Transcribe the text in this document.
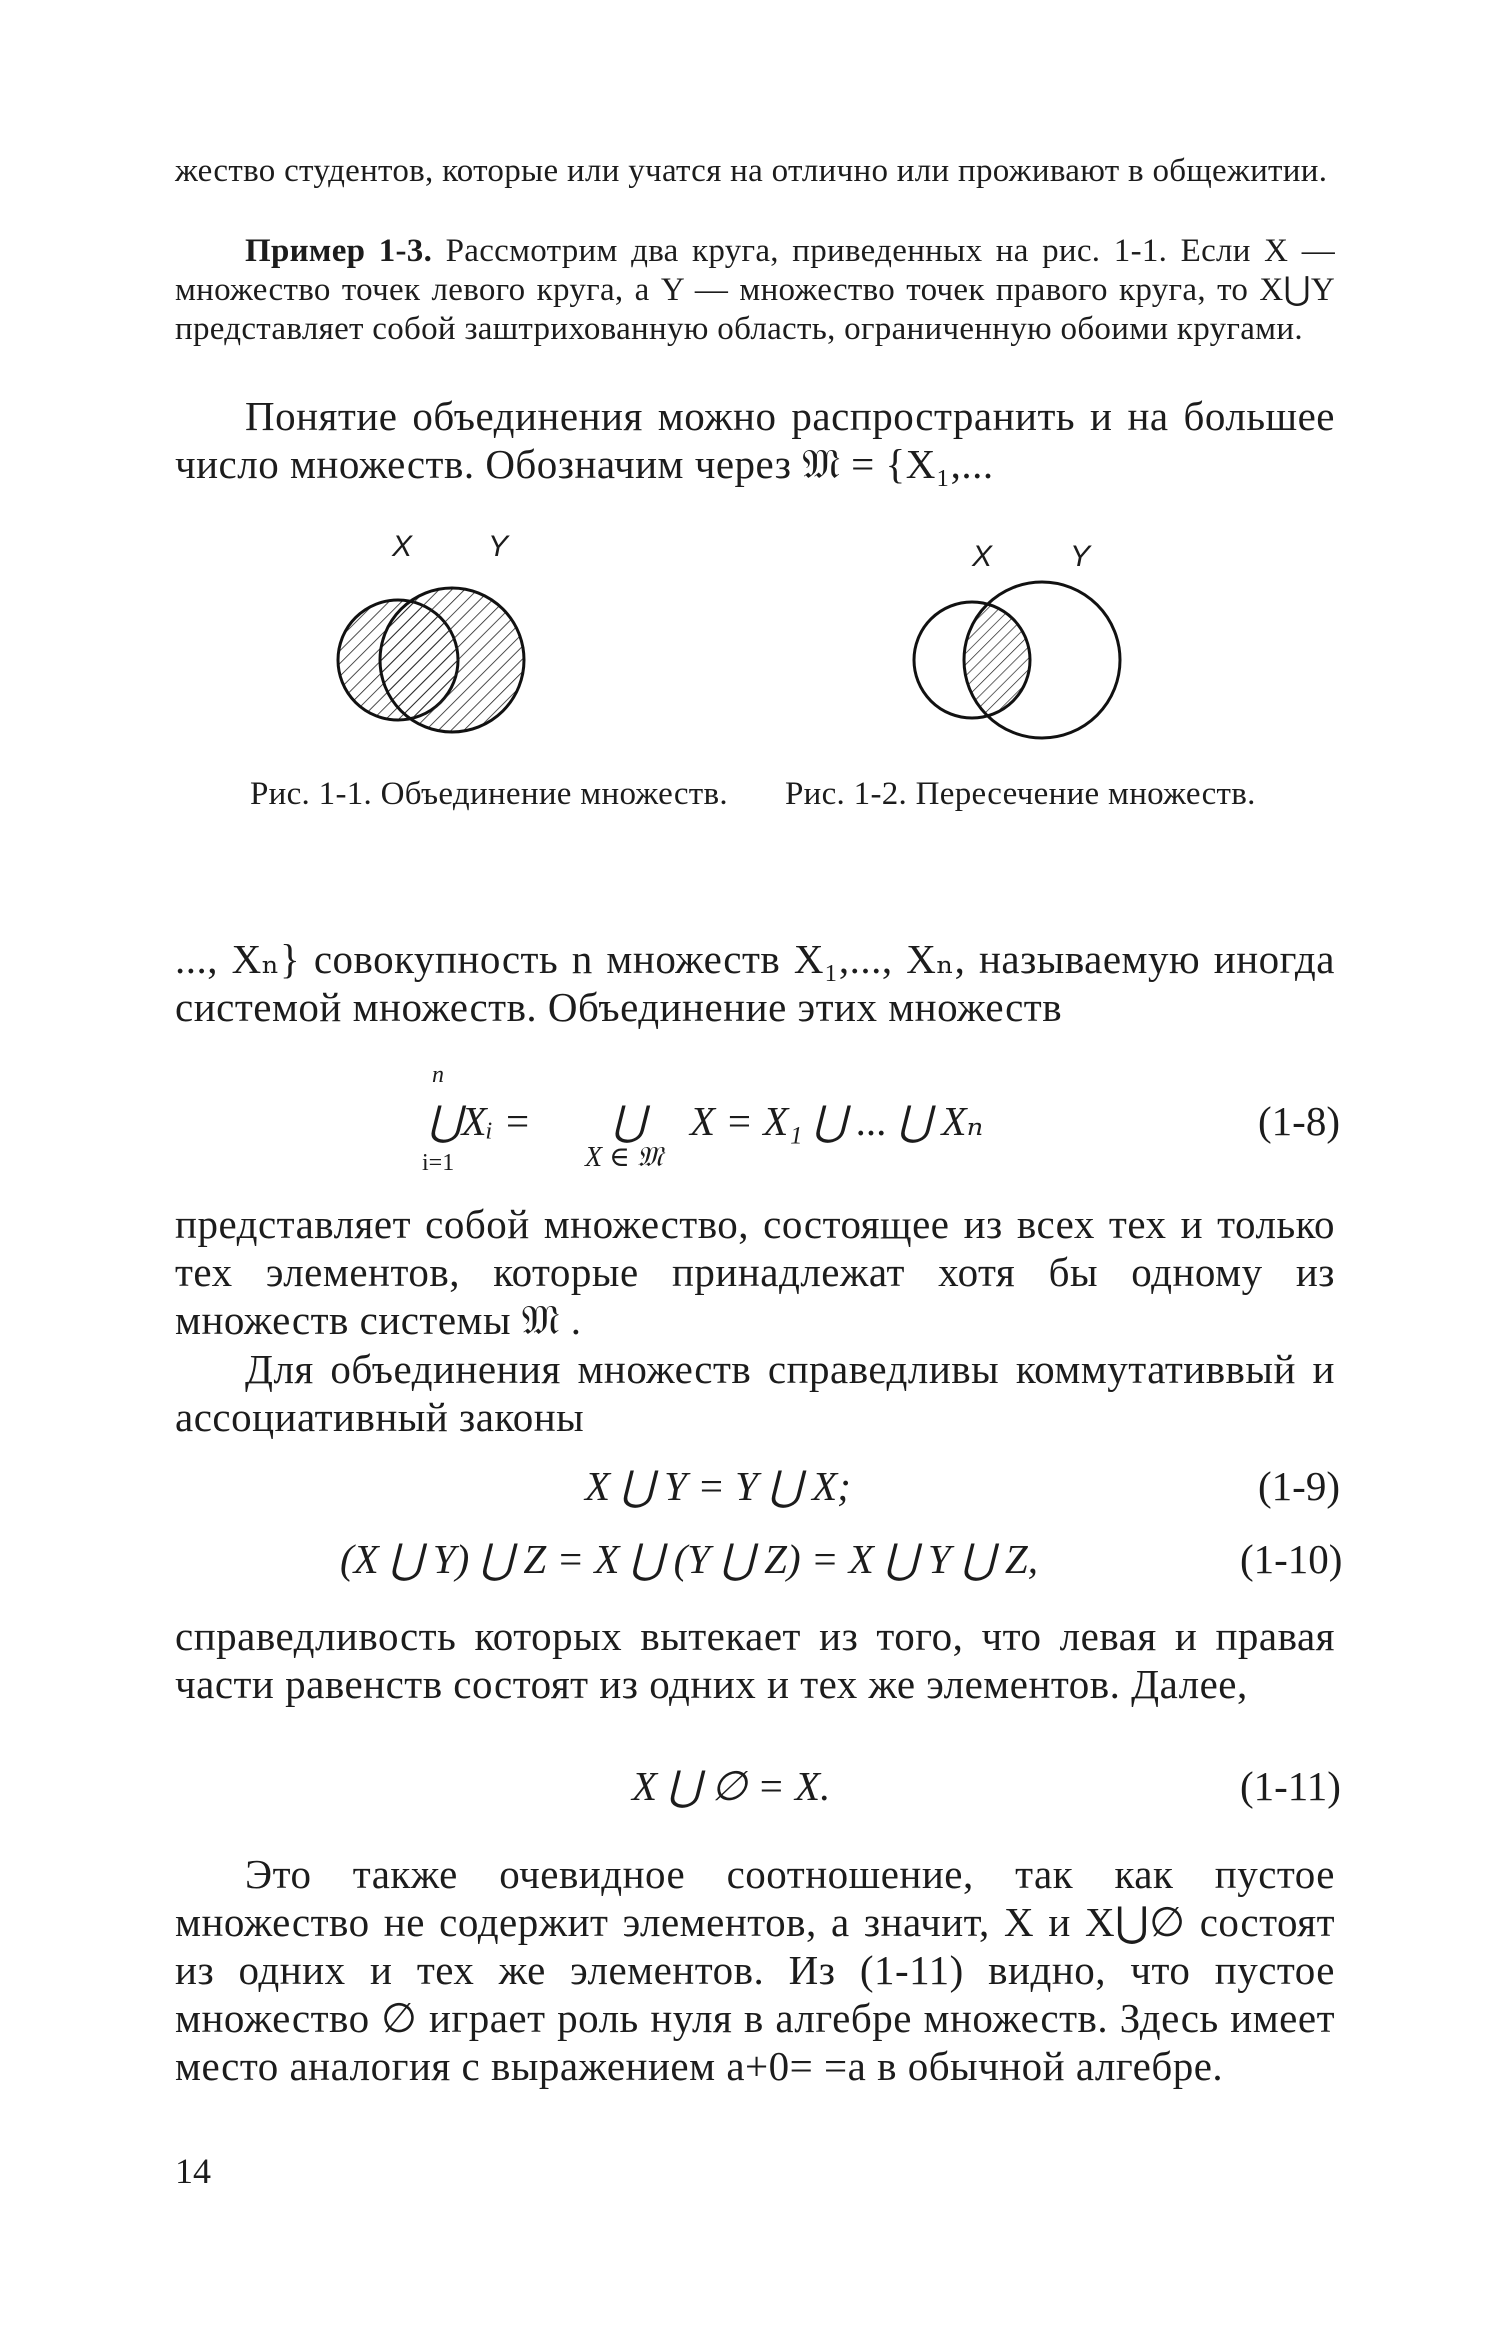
жество студентов, которые или учатся на отлично или проживают в общежитии.
Пример 1-3. Рассмотрим два круга, приведенных на рис. 1-1. Если X — множество точек левого круга, а Y — множество точек правого круга, то X⋃Y представляет собой заштрихованную область, ограниченную обоими кругами.
Понятие объединения можно распространить и на большее число множеств. Обозначим через 𝔐 = {X₁,...
X	Y
Рис. 1-1. Объединение множеств.
X	Y
Рис. 1-2. Пересечение множеств.
..., Xₙ} совокупность n множеств X₁,..., Xₙ, называемую иногда системой множеств. Объединение этих множеств
n
⋃Xᵢ =
i=1
⋃
X ∈ 𝔐
X = X₁ ⋃ ... ⋃ Xₙ	(1-8)
представляет собой множество, состоящее из всех тех и только тех элементов, которые принадлежат хотя бы одному из множеств системы 𝔐 .
Для объединения множеств справедливы коммутативвый и ассоциативный законы
X ⋃ Y = Y ⋃ X;	(1-9)
(X ⋃ Y) ⋃ Z = X ⋃ (Y ⋃ Z) = X ⋃ Y ⋃ Z,	(1-10)
справедливость которых вытекает из того, что левая и правая части равенств состоят из одних и тех же элементов. Далее,
X ⋃ ∅ = X.	(1-11)
Это также очевидное соотношение, так как пустое множество не содержит элементов, а значит, X и X⋃∅ состоят из одних и тех же элементов. Из (1-11) видно, что пустое множество ∅ играет роль нуля в алгебре множеств. Здесь имеет место аналогия с выражением a+0= =a в обычной алгебре.
14
